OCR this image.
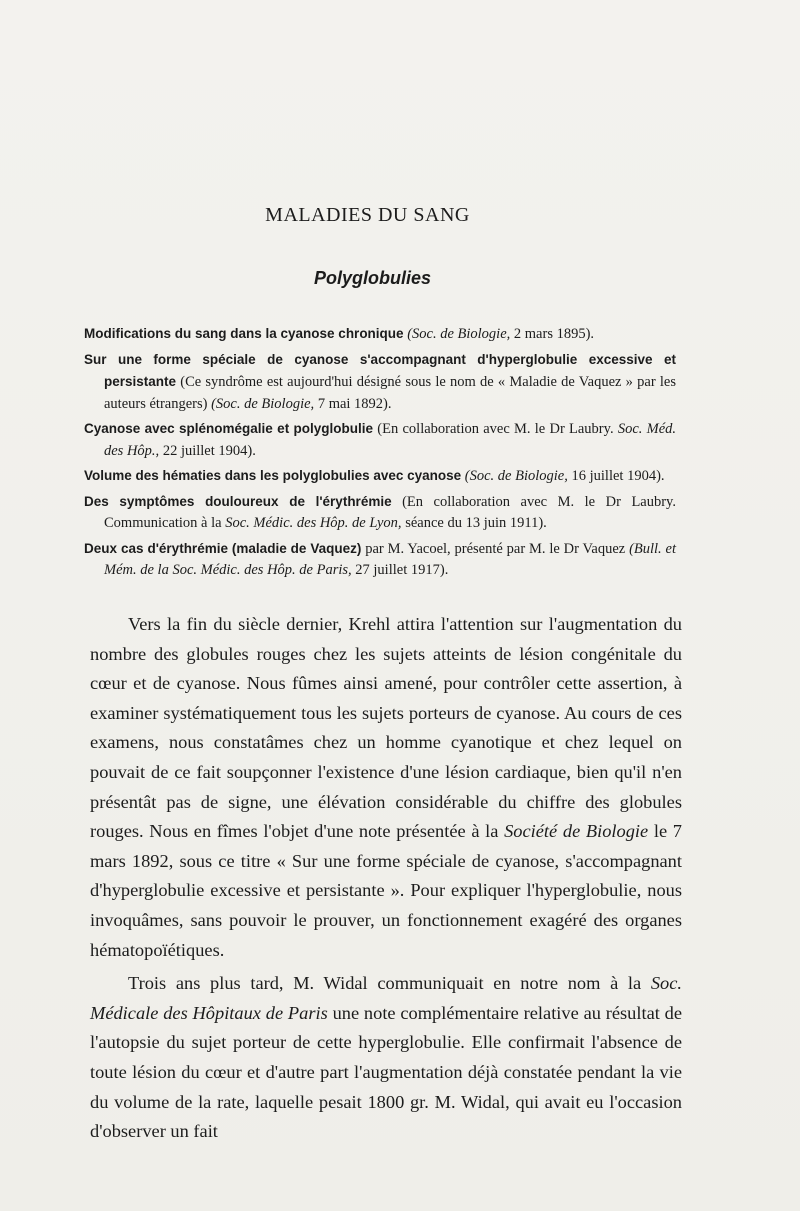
MALADIES DU SANG
Polyglobulies

Modifications du sang dans la cyanose chronique (Soc. de Biologie, 2 mars 1895).

Sur une forme spéciale de cyanose s'accompagnant d'hyperglobulie excessive et persistante (Ce syndrôme est aujourd'hui désigné sous le nom de « Maladie de Vaquez » par les auteurs étrangers) (Soc. de Biologie, 7 mai 1892).

Cyanose avec splénomégalie et polyglobulie (En collaboration avec M. le Dr Laubry. Soc. Méd. des Hôp., 22 juillet 1904).

Volume des hématies dans les polyglobulies avec cyanose (Soc. de Biologie, 16 juillet 1904).

Des symptômes douloureux de l'érythrémie (En collaboration avec M. le Dr Laubry. Communication à la Soc. Médic. des Hôp. de Lyon, séance du 13 juin 1911).

Deux cas d'érythrémie (maladie de Vaquez) par M. Yacoel, présenté par M. le Dr Vaquez (Bull. et Mém. de la Soc. Médic. des Hôp. de Paris, 27 juillet 1917).

Vers la fin du siècle dernier, Krehl attira l'attention sur l'augmentation du nombre des globules rouges chez les sujets atteints de lésion congénitale du cœur et de cyanose. Nous fûmes ainsi amené, pour contrôler cette assertion, à examiner systématiquement tous les sujets porteurs de cyanose. Au cours de ces examens, nous constatâmes chez un homme cyanotique et chez lequel on pouvait de ce fait soupçonner l'existence d'une lésion cardiaque, bien qu'il n'en présentât pas de signe, une élévation considérable du chiffre des globules rouges. Nous en fîmes l'objet d'une note présentée à la Société de Biologie le 7 mars 1892, sous ce titre « Sur une forme spéciale de cyanose, s'accompagnant d'hyperglobulie excessive et persistante ». Pour expliquer l'hyperglobulie, nous invoquâmes, sans pouvoir le prouver, un fonctionnement exagéré des organes hématopoïétiques.

Trois ans plus tard, M. Widal communiquait en notre nom à la Soc. Médicale des Hôpitaux de Paris une note complémentaire relative au résultat de l'autopsie du sujet porteur de cette hyperglobulie. Elle confirmait l'absence de toute lésion du cœur et d'autre part l'augmentation déjà constatée pendant la vie du volume de la rate, laquelle pesait 1800 gr. M. Widal, qui avait eu l'occasion d'observer un fait
